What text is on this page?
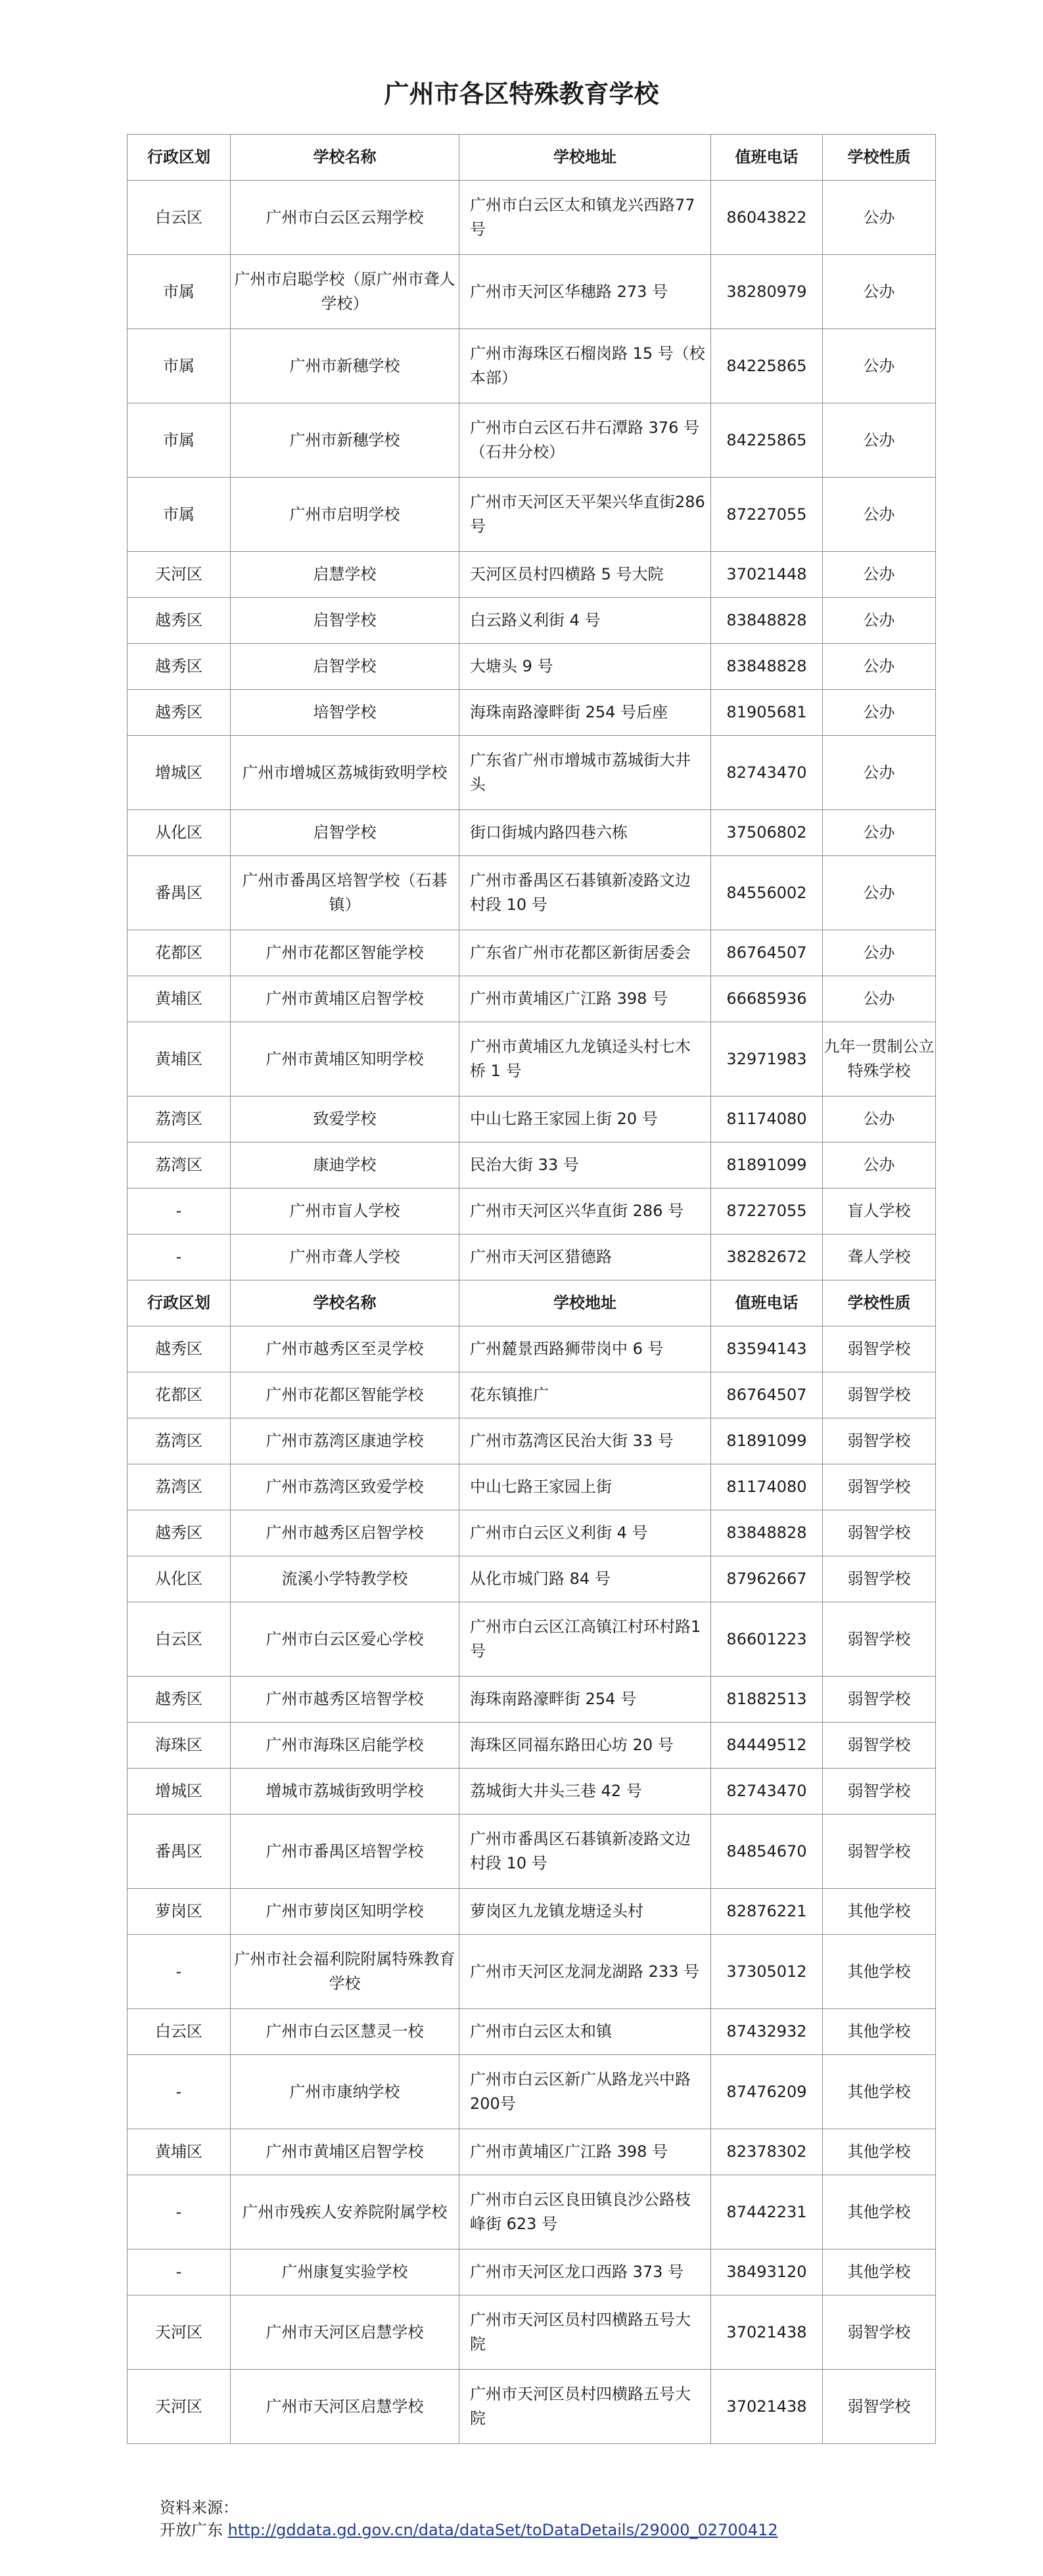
广州市各区特殊教育学校
行政区划	学校名称	学校地址	值班电话	学校性质
白云区	广州市白云区云翔学校	广州市白云区太和镇龙兴西路77号	86043822	公办
市属	广州市启聪学校（原广州市聋人学校）	广州市天河区华穗路 273 号	38280979	公办
市属	广州市新穗学校	广州市海珠区石榴岗路 15 号（校本部）	84225865	公办
市属	广州市新穗学校	广州市白云区石井石潭路 376 号（石井分校）	84225865	公办
市属	广州市启明学校	广州市天河区天平架兴华直街286号	87227055	公办
天河区	启慧学校	天河区员村四横路 5 号大院	37021448	公办
越秀区	启智学校	白云路义利街 4 号	83848828	公办
越秀区	启智学校	大塘头 9 号	83848828	公办
越秀区	培智学校	海珠南路濠畔街 254 号后座	81905681	公办
增城区	广州市增城区荔城街致明学校	广东省广州市增城市荔城街大井头	82743470	公办
从化区	启智学校	街口街城内路四巷六栋	37506802	公办
番禺区	广州市番禺区培智学校（石碁镇）	广州市番禺区石碁镇新凌路文边村段 10 号	84556002	公办
花都区	广州市花都区智能学校	广东省广州市花都区新街居委会	86764507	公办
黄埔区	广州市黄埔区启智学校	广州市黄埔区广江路 398 号	66685936	公办
黄埔区	广州市黄埔区知明学校	广州市黄埔区九龙镇迳头村七木桥 1 号	32971983	九年一贯制公立特殊学校
荔湾区	致爱学校	中山七路王家园上街 20 号	81174080	公办
荔湾区	康迪学校	民治大街 33 号	81891099	公办
-	广州市盲人学校	广州市天河区兴华直街 286 号	87227055	盲人学校
-	广州市聋人学校	广州市天河区猎德路	38282672	聋人学校
行政区划	学校名称	学校地址	值班电话	学校性质
越秀区	广州市越秀区至灵学校	广州麓景西路狮带岗中 6 号	83594143	弱智学校
花都区	广州市花都区智能学校	花东镇推广	86764507	弱智学校
荔湾区	广州市荔湾区康迪学校	广州市荔湾区民治大街 33 号	81891099	弱智学校
荔湾区	广州市荔湾区致爱学校	中山七路王家园上街	81174080	弱智学校
越秀区	广州市越秀区启智学校	广州市白云区义利街 4 号	83848828	弱智学校
从化区	流溪小学特教学校	从化市城门路 84 号	87962667	弱智学校
白云区	广州市白云区爱心学校	广州市白云区江高镇江村环村路1号	86601223	弱智学校
越秀区	广州市越秀区培智学校	海珠南路濠畔街 254 号	81882513	弱智学校
海珠区	广州市海珠区启能学校	海珠区同福东路田心坊 20 号	84449512	弱智学校
增城区	增城市荔城街致明学校	荔城街大井头三巷 42 号	82743470	弱智学校
番禺区	广州市番禺区培智学校	广州市番禺区石碁镇新凌路文边村段 10 号	84854670	弱智学校
萝岗区	广州市萝岗区知明学校	萝岗区九龙镇龙塘迳头村	82876221	其他学校
-	广州市社会福利院附属特殊教育学校	广州市天河区龙洞龙湖路 233 号	37305012	其他学校
白云区	广州市白云区慧灵一校	广州市白云区太和镇	87432932	其他学校
-	广州市康纳学校	广州市白云区新广从路龙兴中路200号	87476209	其他学校
黄埔区	广州市黄埔区启智学校	广州市黄埔区广江路 398 号	82378302	其他学校
-	广州市残疾人安养院附属学校	广州市白云区良田镇良沙公路枝峰街 623 号	87442231	其他学校
-	广州康复实验学校	广州市天河区龙口西路 373 号	38493120	其他学校
天河区	广州市天河区启慧学校	广州市天河区员村四横路五号大院	37021438	弱智学校
天河区	广州市天河区启慧学校	广州市天河区员村四横路五号大院	37021438	弱智学校
资料来源：
开放广东 http://gddata.gd.gov.cn/data/dataSet/toDataDetails/29000_02700412
